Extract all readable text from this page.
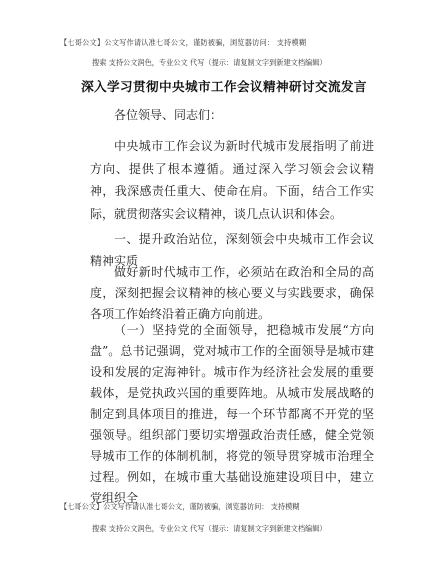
【七哥公文】公文写作请认准七哥公文，谨防被骗，浏览器访问： 支持模糊
搜索 支持公文润色，专业公文 代写（提示：请复制文字到新建文档编辑）
深入学习贯彻中央城市工作会议精神研讨交流发言

各位领导、同志们：

中央城市工作会议为新时代城市发展指明了前进方向、提供了根本遵循。通过深入学习领会会议精神，我深感责任重大、使命在肩。下面，结合工作实际，就贯彻落实会议精神，谈几点认识和体会。

一、提升政治站位，深刻领会中央城市工作会议精神实质

做好新时代城市工作，必须站在政治和全局的高度，深刻把握会议精神的核心要义与实践要求，确保各项工作始终沿着正确方向前进。

（一）坚持党的全面领导，把稳城市发展“方向盘”。总书记强调，党对城市工作的全面领导是城市建设和发展的定海神针。城市作为经济社会发展的重要载体，是党执政兴国的重要阵地。从城市发展战略的制定到具体项目的推进，每一个环节都离不开党的坚强领导。组织部门要切实增强政治责任感，健全党领导城市工作的体制机制，将党的领导贯穿城市治理全过程。例如，在城市重大基础设施建设项目中，建立党组织全

【七哥公文】公文写作请认准七哥公文，谨防被骗，浏览器访问： 支持模糊
搜索 支持公文润色，专业公文 代写（提示：请复制文字到新建文档编辑）
